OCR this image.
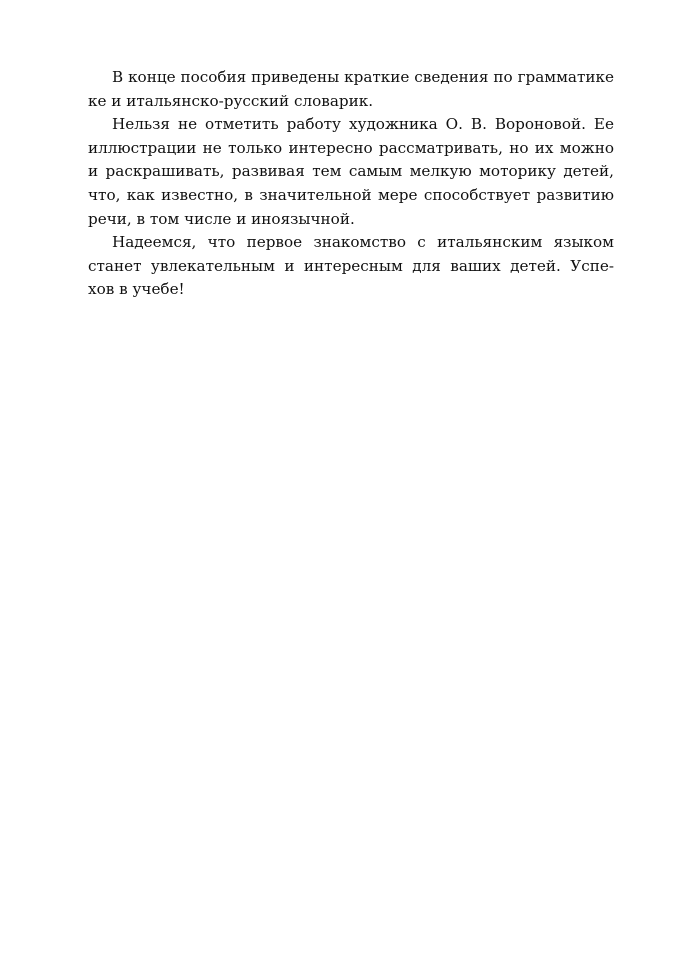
В конце пособия приведены краткие сведения по грамматике
ке и итальянско-русский словарик.
Нельзя не отметить работу художника О. В. Вороновой. Ее
иллюстрации не только интересно рассматривать, но их можно
и раскрашивать, развивая тем самым мелкую моторику детей,
что, как известно, в значительной мере способствует развитию
речи, в том числе и иноязычной.
Надеемся, что первое знакомство с итальянским языком
станет увлекательным и интересным для ваших детей. Успе-
хов в учебе!
